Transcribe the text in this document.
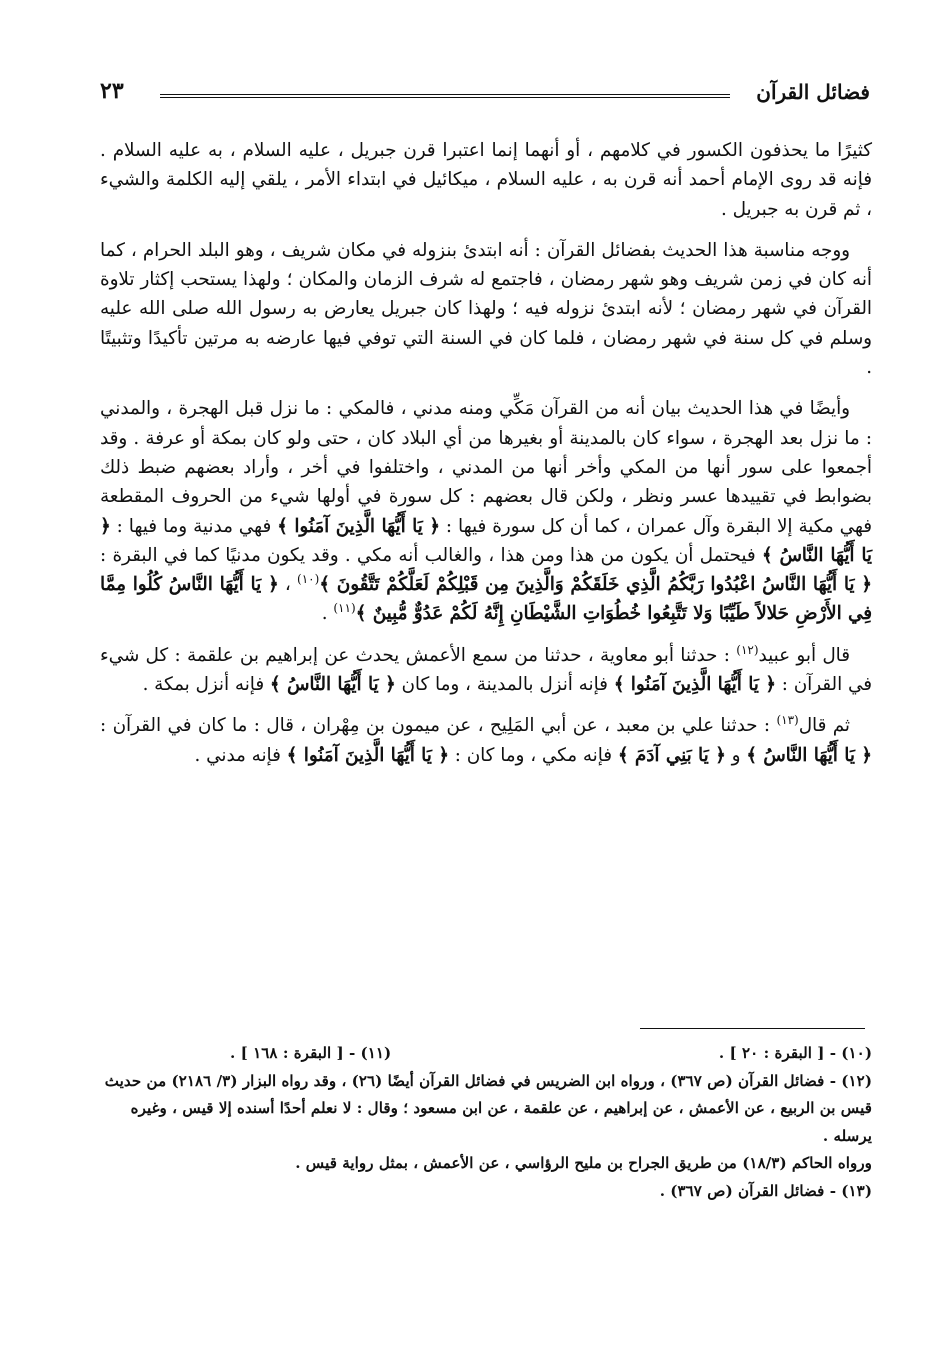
فضائل القرآن
٢٣

كثيرًا ما يحذفون الكسور في كلامهم ، أو أنهما إنما اعتبرا قرن جبريل ، عليه السلام ، به عليه السلام . فإنه قد روى الإمام أحمد أنه قرن به ، عليه السلام ، ميكائيل في ابتداء الأمر ، يلقي إليه الكلمة والشيء ، ثم قرن به جبريل .

ووجه مناسبة هذا الحديث بفضائل القرآن : أنه ابتدئ بنزوله في مكان شريف ، وهو البلد الحرام ، كما أنه كان في زمن شريف وهو شهر رمضان ، فاجتمع له شرف الزمان والمكان ؛ ولهذا يستحب إكثار تلاوة القرآن في شهر رمضان ؛ لأنه ابتدئ نزوله فيه ؛ ولهذا كان جبريل يعارض به رسول الله صلى الله عليه وسلم في كل سنة في شهر رمضان ، فلما كان في السنة التي توفي فيها عارضه به مرتين تأكيدًا وتثبيتًا .

وأيضًا في هذا الحديث بيان أنه من القرآن مَكِّي ومنه مدني ، فالمكي : ما نزل قبل الهجرة ، والمدني : ما نزل بعد الهجرة ، سواء كان بالمدينة أو بغيرها من أي البلاد كان ، حتى ولو كان بمكة أو عرفة . وقد أجمعوا على سور أنها من المكي وأخر أنها من المدني ، واختلفوا في أخر ، وأراد بعضهم ضبط ذلك بضوابط في تقييدها عسر ونظر ، ولكن قال بعضهم : كل سورة في أولها شيء من الحروف المقطعة فهي مكية إلا البقرة وآل عمران ، كما أن كل سورة فيها : ﴿ يَا أَيُّهَا الَّذِينَ آمَنُوا ﴾ فهي مدنية وما فيها : ﴿ يَا أَيُّهَا النَّاسُ ﴾ فيحتمل أن يكون من هذا ومن هذا ، والغالب أنه مكي . وقد يكون مدنيًا كما في البقرة : ﴿ يَا أَيُّهَا النَّاسُ اعْبُدُوا رَبَّكُمُ الَّذِي خَلَقَكُمْ وَالَّذِينَ مِن قَبْلِكُمْ لَعَلَّكُمْ تَتَّقُونَ ﴾$^{(١٠)}$ ، ﴿ يَا أَيُّهَا النَّاسُ كُلُوا مِمَّا فِي الأَرْضِ حَلالاً طَيِّبًا وَلا تَتَّبِعُوا خُطُوَاتِ الشَّيْطَانِ إِنَّهُ لَكُمْ عَدُوٌّ مُّبِينٌ ﴾$^{(١١)}$ .

قال أبو عبيد$^{(١٢)}$ : حدثنا أبو معاوية ، حدثنا من سمع الأعمش يحدث عن إبراهيم بن علقمة : كل شيء في القرآن : ﴿ يَا أَيُّهَا الَّذِينَ آمَنُوا ﴾ فإنه أنزل بالمدينة ، وما كان ﴿ يَا أَيُّهَا النَّاسُ ﴾ فإنه أنزل بمكة .

ثم قال$^{(١٣)}$ : حدثنا علي بن معبد ، عن أبي المَلِيح ، عن ميمون بن مِهْران ، قال : ما كان في القرآن : ﴿ يَا أَيُّهَا النَّاسُ ﴾ و ﴿ يَا بَنِي آدَمَ ﴾ فإنه مكي ، وما كان : ﴿ يَا أَيُّهَا الَّذِينَ آمَنُوا ﴾ فإنه مدني .

(١٠) - [ البقرة : ٢٠ ] .
(١١) - [ البقرة : ١٦٨ ] .

(١٢) - فضائل القرآن (ص ٣٦٧) ، ورواه ابن الضريس في فضائل القرآن أيضًا (٢٦) ، وقد رواه البزار (٣/ ٢١٨٦) من حديث قيس بن الربيع ، عن الأعمش ، عن إبراهيم ، عن علقمة ، عن ابن مسعود ؛ وقال : لا نعلم أحدًا أسنده إلا قيس ، وغيره يرسله .

ورواه الحاكم (١٨/٣) من طريق الجراح بن مليح الرؤاسي ، عن الأعمش ، بمثل رواية قيس .

(١٣) - فضائل القرآن (ص ٣٦٧) .
